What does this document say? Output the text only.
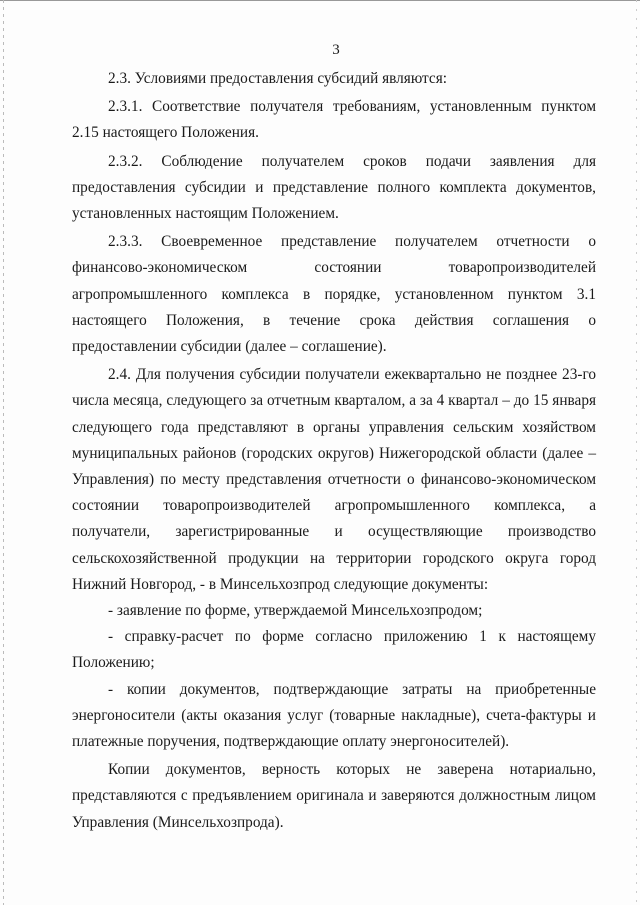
3

2.3. Условиями предоставления субсидий являются:

2.3.1. Соответствие получателя требованиям, установленным пунктом 2.15 настоящего Положения.

2.3.2. Соблюдение получателем сроков подачи заявления для предоставления субсидии и представление полного комплекта документов, установленных настоящим Положением.

2.3.3. Своевременное представление получателем отчетности о финансово-экономическом состоянии товаропроизводителей агропромышленного комплекса в порядке, установленном пунктом 3.1 настоящего Положения, в течение срока действия соглашения о предоставлении субсидии (далее – соглашение).

2.4. Для получения субсидии получатели ежеквартально не позднее 23-го числа месяца, следующего за отчетным кварталом, а за 4 квартал – до 15 января следующего года представляют в органы управления сельским хозяйством муниципальных районов (городских округов) Нижегородской области (далее – Управления) по месту представления отчетности о финансово-экономическом состоянии товаропроизводителей агропромышленного комплекса, а получатели, зарегистрированные и осуществляющие производство сельскохозяйственной продукции на территории городского округа город Нижний Новгород, - в Минсельхозпрод следующие документы:

- заявление по форме, утверждаемой Минсельхозпродом;

- справку-расчет по форме согласно приложению 1 к настоящему Положению;

- копии документов, подтверждающие затраты на приобретенные энергоносители (акты оказания услуг (товарные накладные), счета-фактуры и платежные поручения, подтверждающие оплату энергоносителей).

Копии документов, верность которых не заверена нотариально, представляются с предъявлением оригинала и заверяются должностным лицом Управления (Минсельхозпрода).
